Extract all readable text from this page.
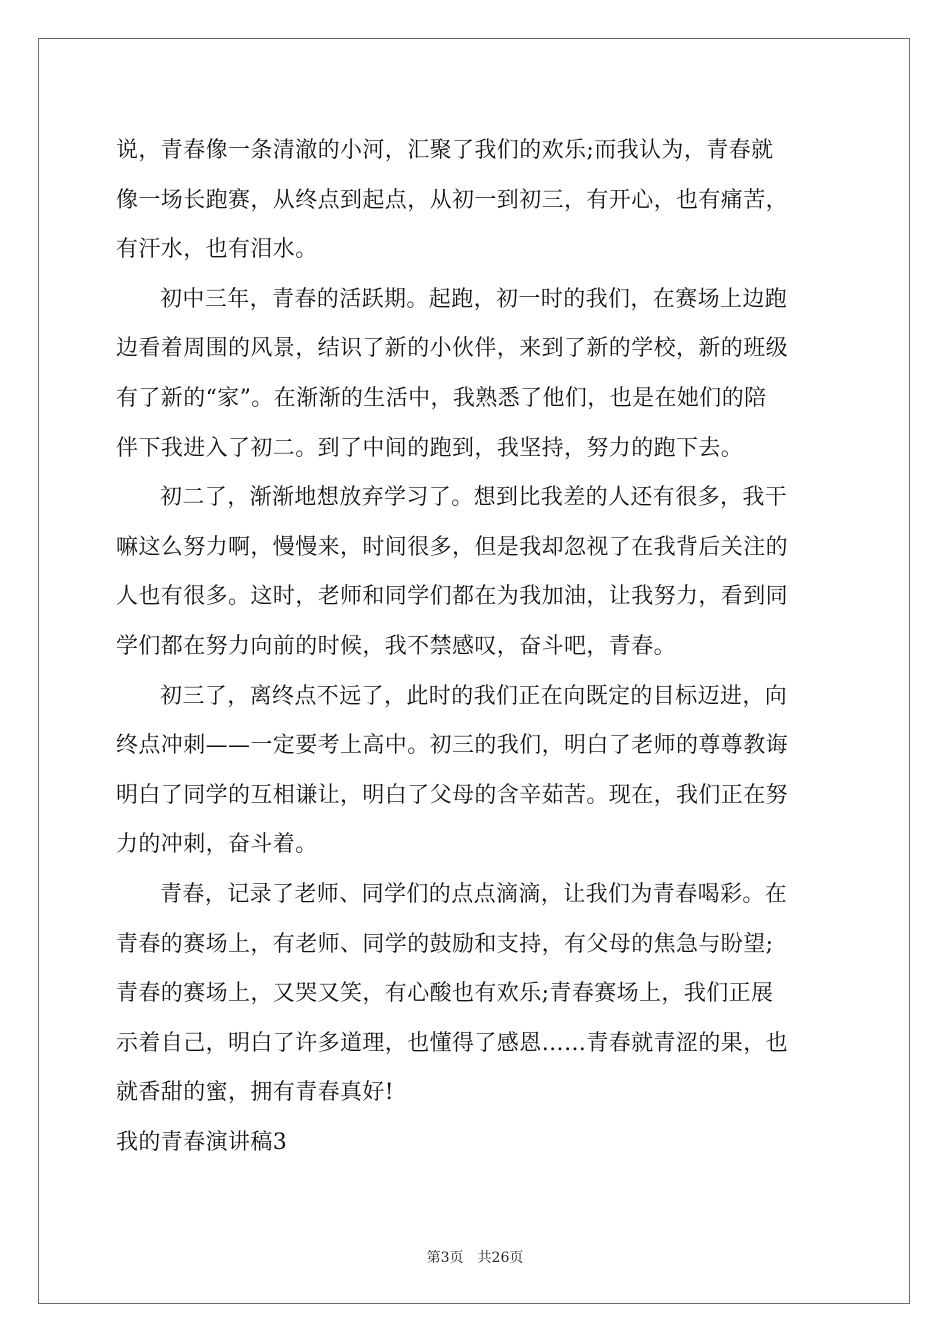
说，青春像一条清澈的小河，汇聚了我们的欢乐;而我认为，青春就
像一场长跑赛，从终点到起点，从初一到初三，有开心，也有痛苦，
有汗水，也有泪水。

初中三年，青春的活跃期。起跑，初一时的我们，在赛场上边跑
边看着周围的风景，结识了新的小伙伴，来到了新的学校，新的班级
有了新的“家”。在渐渐的生活中，我熟悉了他们，也是在她们的陪
伴下我进入了初二。到了中间的跑到，我坚持，努力的跑下去。

初二了，渐渐地想放弃学习了。想到比我差的人还有很多，我干
嘛这么努力啊，慢慢来，时间很多，但是我却忽视了在我背后关注的
人也有很多。这时，老师和同学们都在为我加油，让我努力，看到同
学们都在努力向前的时候，我不禁感叹，奋斗吧，青春。

初三了，离终点不远了，此时的我们正在向既定的目标迈进，向
终点冲刺——一定要考上高中。初三的我们，明白了老师的尊尊教诲
明白了同学的互相谦让，明白了父母的含辛茹苦。现在，我们正在努
力的冲刺，奋斗着。

青春，记录了老师、同学们的点点滴滴，让我们为青春喝彩。在
青春的赛场上，有老师、同学的鼓励和支持，有父母的焦急与盼望;
青春的赛场上，又哭又笑，有心酸也有欢乐;青春赛场上，我们正展
示着自己，明白了许多道理，也懂得了感恩……青春就青涩的果，也
就香甜的蜜，拥有青春真好!

我的青春演讲稿3

第3页　共26页
